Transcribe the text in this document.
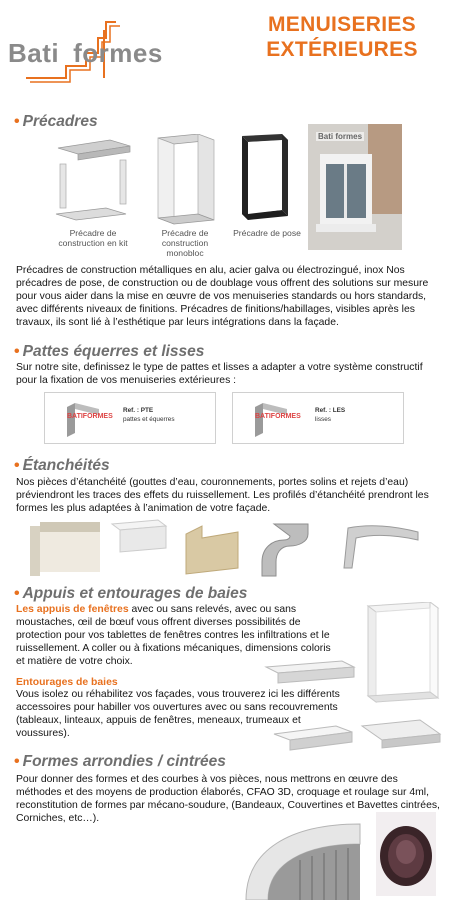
Bati formes
MENUISERIES
EXTÉRIEURES
• Précadres
Précadre de construction en kit
Précadre de construction monobloc
Précadre de pose
Bati formes
Précadres de construction métalliques en alu, acier galva ou électrozingué, inox Nos précadres de pose, de construction ou de doublage vous offrent des solutions sur mesure pour vous aider dans la mise en œuvre de vos menuiseries standards ou hors standards, avec différents niveaux de finitions. Précadres de finitions/habillages, visibles après les travaux, ils sont lié à l’esthétique par leurs intégrations dans la façade.
• Pattes équerres et lisses
Sur notre site, definissez le type de pattes et lisses a adapter a votre système constructif pour la fixation de vos menuiseries extérieures :
BATIFORMES
Ref. : PTE
pattes et équerres	BATIFORMES
Ref. : LES
lisses
• Étanchéités
Nos pièces d’étanchéité (gouttes d’eau, couronnements, portes solins et rejets d’eau) préviendront les traces des effets du ruissellement. Les profilés d’étanchéité prendront les formes les plus adaptées à l’animation de votre façade.
• Appuis et entourages de baies
Les appuis de fenêtres avec ou sans relevés, avec ou sans moustaches, œil de bœuf vous offrent diverses possibilités de protection pour vos tablettes de fenêtres contres les infiltrations et le ruissellement. A coller ou à fixations mécaniques, dimensions coloris et matière de votre choix.
Entourages de baies
Vous isolez ou réhabilitez vos façades, vous trouverez ici les différents accessoires pour habiller vos ouvertures avec ou sans recouvrements (tableaux, linteaux, appuis de fenêtres, meneaux, trumeaux et voussures).
• Formes arrondies / cintrées
Pour donner des formes et des courbes à vos pièces, nous mettrons en œuvre des méthodes et des moyens de production élaborés, CFAO 3D, croquage et roulage sur 4ml, reconstitution de formes par mécano-soudure, (Bandeaux, Couvertines et Bavettes cintrées, Corniches, etc…).
